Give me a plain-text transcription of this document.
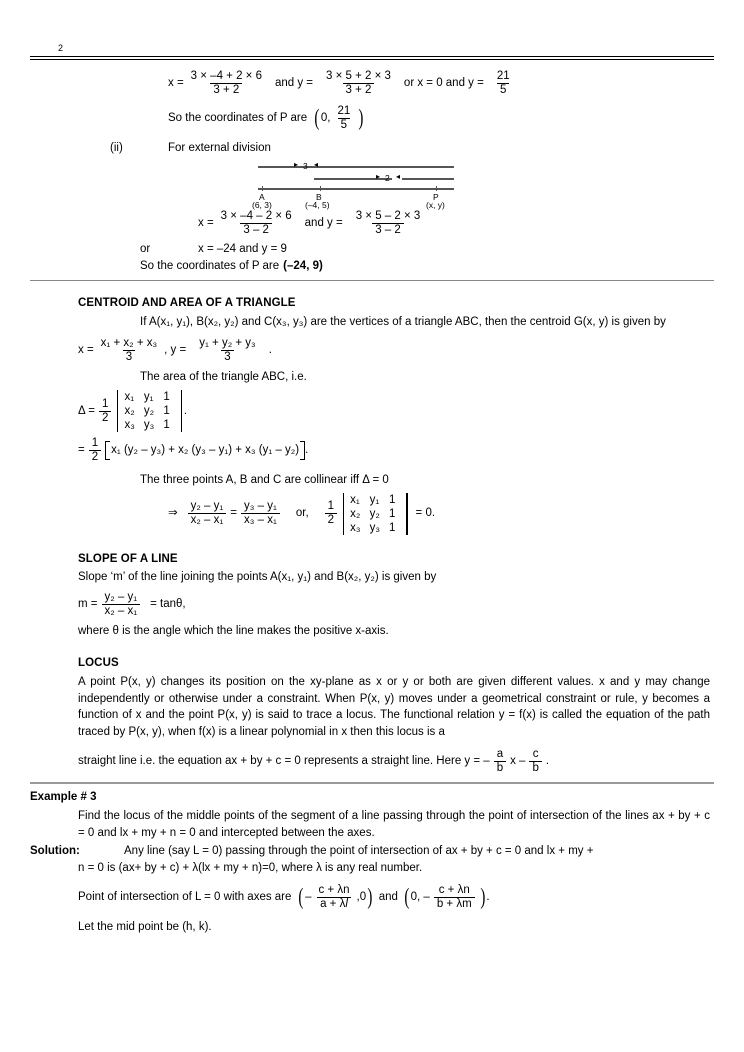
2
$x = \frac{3 \times -4 + 2 \times 6}{3 + 2}$ and $y = \frac{3 \times 5 + 2 \times 3}{3 + 2}$ or x = 0 and $y = \frac{21}{5}$
So the coordinates of P are ( 0, $\frac{21}{5}$ )
(ii)	For external division
▸ 3 ◂
▸ 2 ◂
A	B	P
(6, 3)	(–4, 5)	(x, y)
$x = \frac{3 \times -4 - 2 \times 6}{3 - 2}$ and $y = \frac{3 \times 5 - 2 \times 3}{3 - 2}$
or	x = –24 and y = 9
So the coordinates of P are (–24, 9)
CENTROID AND AREA OF A TRIANGLE
If A(x₁, y₁), B(x₂, y₂) and C(x₃, y₃) are the vertices of a triangle ABC, then the centroid G(x, y) is given by
$x = \frac{\text{x₁ + x₂ + x₃}}{3}$ , $y = \frac{\text{y₁ + y₂ + y₃}}{3}$ .
The area of the triangle ABC, i.e.
$\Delta = \frac{1}{2}$
x₁	y₁	1
x₂	y₂	1
x₃	y₃	1
.
= $\frac{1}{2} x_1$ (y₂ – y₃) + x₂ (y₃ – y₁) + x₃ (y₁ – y₂) .
The three points A, B and C are collinear iff Δ = 0
⇒ $\frac{\text{y₂ – y₁}}{\text{x₂ – x₁}} = \frac{\text{y₃ – y₁}}{\text{x₃ – x₁}}$ or, $\frac{1}{2}$
x₁	y₁	1
x₂	y₂	1
x₃	y₃	1
= 0.
SLOPE OF A LINE
Slope ‘m’ of the line joining the points A(x₁, y₁) and B(x₂, y₂) is given by
$m = \frac{\text{y₂ – y₁}}{\text{x₂ – x₁}} = \tan\theta$,
where θ is the angle which the line makes the positive x-axis.
LOCUS
A point P(x, y) changes its position on the xy-plane as x or y or both are given different values. x and y may change independently or otherwise under a constraint. When P(x, y) moves under a geometrical constraint or rule, y becomes a function of x and the point P(x, y) is said to trace a locus. The functional relation y = f(x) is called the equation of the path traced by P(x, y), when f(x) is a linear polynomial in x then this locus is a
straight line i.e. the equation ax + by + c = 0 represents a straight line. Here y = – $\frac{a}{b}$ x – $\frac{c}{b}$ .
Example # 3
Find the locus of the middle points of the segment of a line passing through the point of intersection of the lines ax + by + c = 0 and lx + my + n = 0 and intercepted between the axes.
Solution:	Any line (say L = 0) passing through the point of intersection of ax + by + c = 0 and lx + my +
n = 0 is (ax+ by + c) + λ(lx + my + n)=0, where λ is any real number.
Point of intersection of L = 0 with axes are ( – $\frac{c + \lambda n}{a + \lambda l} ,0$ ) and ( 0, – $\frac{c + \lambda n}{b + \lambda m}$ ) .
Let the mid point be (h, k).
